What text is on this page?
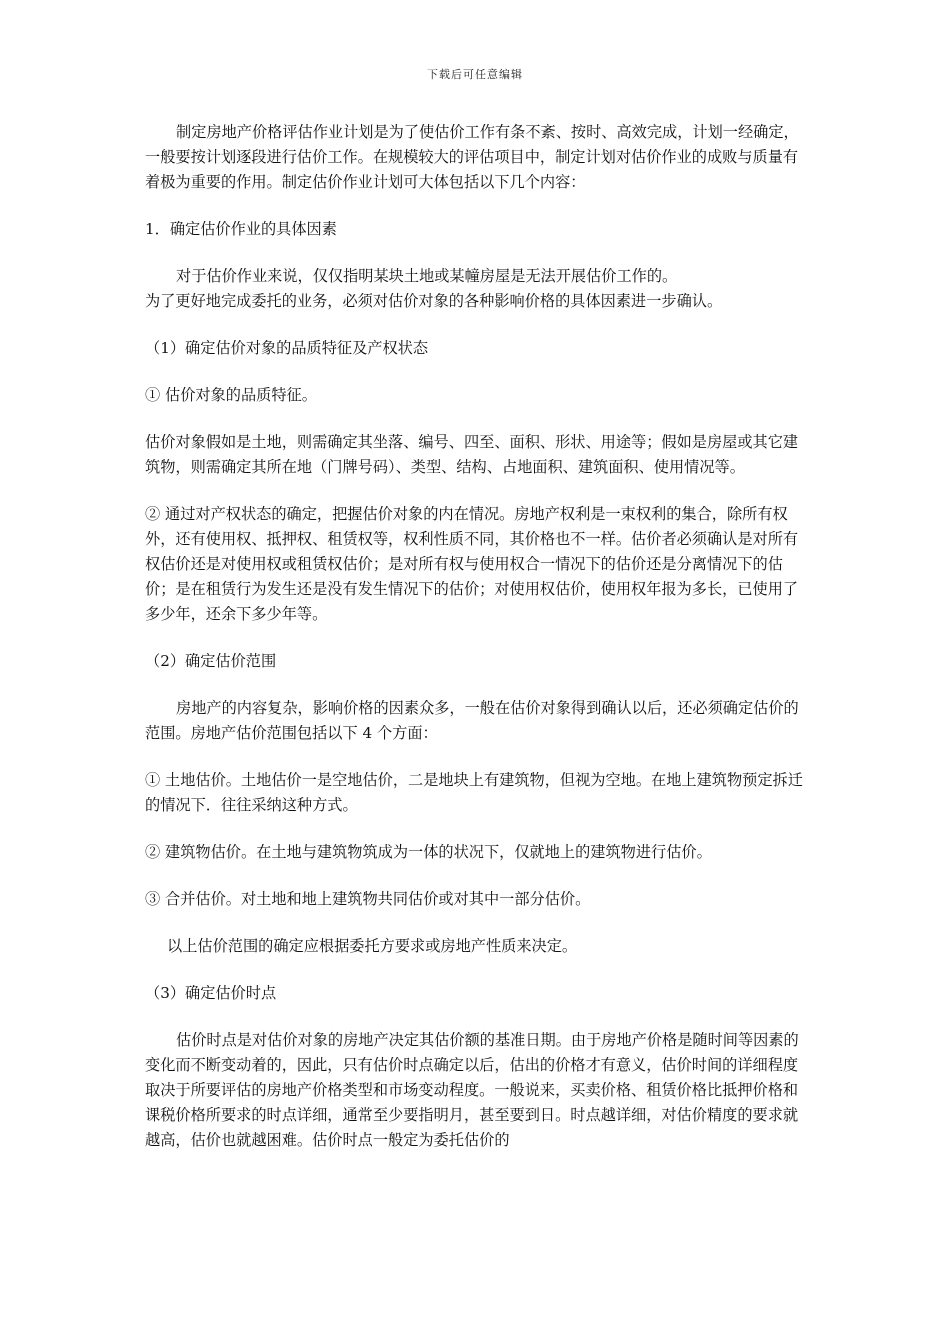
下载后可任意编辑

制定房地产价格评估作业计划是为了使估价工作有条不紊、按时、高效完成，计划一经确定，一般要按计划逐段进行估价工作。在规模较大的评估项目中，制定计划对估价作业的成败与质量有着极为重要的作用。制定估价作业计划可大体包括以下几个内容：

1．确定估价作业的具体因素

对于估价作业来说，仅仅指明某块土地或某幢房屋是无法开展估价工作的。
为了更好地完成委托的业务，必须对估价对象的各种影响价格的具体因素进一步确认。

（1）确定估价对象的品质特征及产权状态

① 估价对象的品质特征。

估价对象假如是土地，则需确定其坐落、编号、四至、面积、形状、用途等；假如是房屋或其它建筑物，则需确定其所在地（门牌号码）、类型、结构、占地面积、建筑面积、使用情况等。

② 通过对产权状态的确定，把握估价对象的内在情况。房地产权利是一束权利的集合，除所有权外，还有使用权、抵押权、租赁权等，权利性质不同，其价格也不一样。估价者必须确认是对所有权估价还是对使用权或租赁权估价；是对所有权与使用权合一情况下的估价还是分离情况下的估价；是在租赁行为发生还是没有发生情况下的估价；对使用权估价，使用权年报为多长，已使用了多少年，还余下多少年等。

（2）确定估价范围

房地产的内容复杂，影响价格的因素众多，一般在估价对象得到确认以后，还必须确定估价的范围。房地产估价范围包括以下 4 个方面：

① 土地估价。土地估价一是空地估价，二是地块上有建筑物，但视为空地。在地上建筑物预定拆迁的情况下．往往采纳这种方式。

② 建筑物估价。在土地与建筑物筑成为一体的状况下，仅就地上的建筑物进行估价。

③ 合并估价。对土地和地上建筑物共同估价或对其中一部分估价。

以上估价范围的确定应根据委托方要求或房地产性质来决定。

（3）确定估价时点

估价时点是对估价对象的房地产决定其估价额的基准日期。由于房地产价格是随时间等因素的变化而不断变动着的，因此，只有估价时点确定以后，估出的价格才有意义，估价时间的详细程度取决于所要评估的房地产价格类型和市场变动程度。一般说来，买卖价格、租赁价格比抵押价格和课税价格所要求的时点详细，通常至少要指明月，甚至要到日。时点越详细，对估价精度的要求就越高，估价也就越困难。估价时点一般定为委托估价的
